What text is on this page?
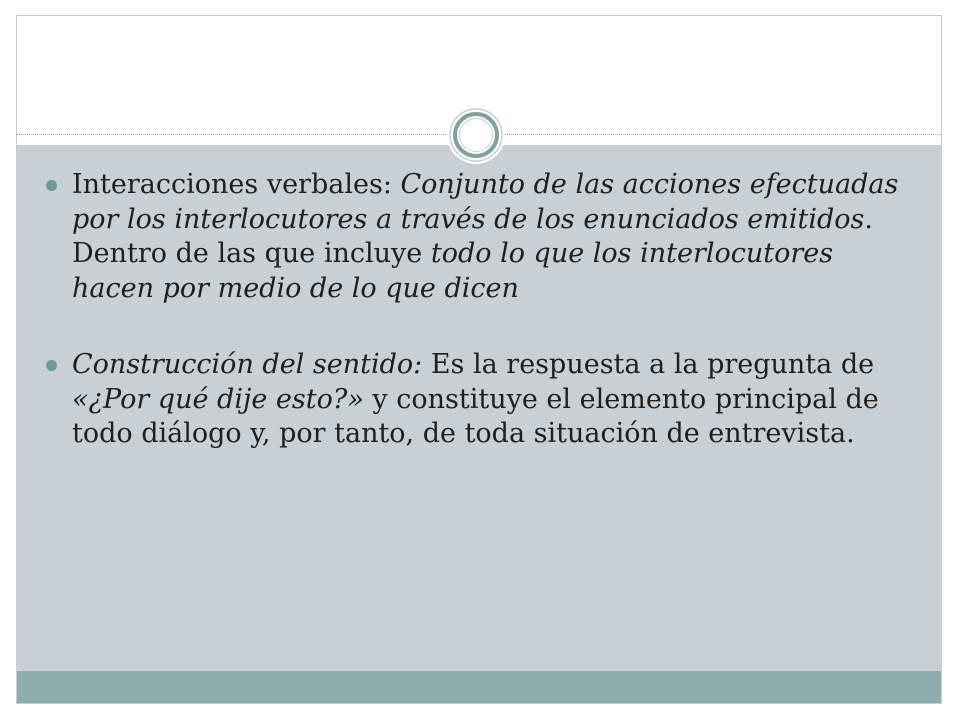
Interacciones verbales: Conjunto de las acciones efectuadas por los interlocutores a través de los enunciados emitidos. Dentro de las que incluye todo lo que los interlocutores hacen por medio de lo que dicen
Construcción del sentido: Es la respuesta a la pregunta de «¿Por qué dije esto?» y constituye el elemento principal de todo diálogo y, por tanto, de toda situación de entrevista.
